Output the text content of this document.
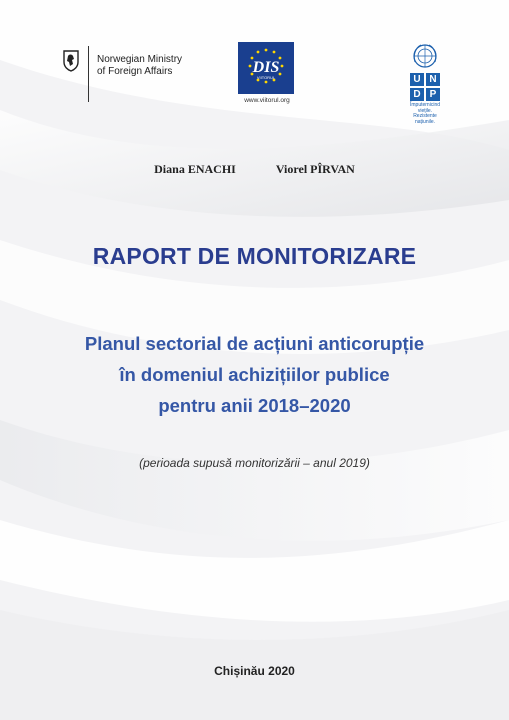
Norwegian Ministry
of Foreign Affairs	DIS
VIITORUL
www.viitorul.org
U N
D P
Împuternicind viețile.
Rezistente națiunile.
Diana ENACHI	Viorel PÎRVAN
RAPORT DE MONITORIZARE
Planul sectorial de acțiuni anticorupție
în domeniul achizițiilor publice
pentru anii 2018–2020
(perioada supusă monitorizării – anul 2019)
Chișinău 2020
